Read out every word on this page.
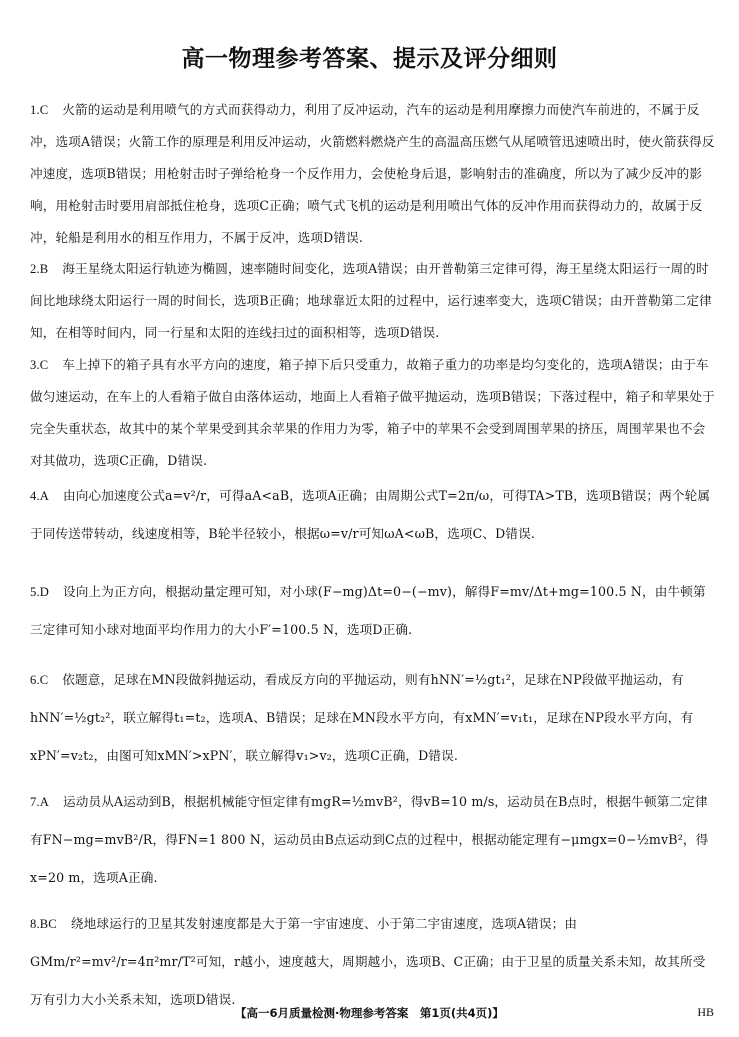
高一物理参考答案、提示及评分细则
1.C 火箭的运动是利用喷气的方式而获得动力，利用了反冲运动，汽车的运动是利用摩擦力而使汽车前进的，不属于反冲，选项A错误；火箭工作的原理是利用反冲运动，火箭燃料燃烧产生的高温高压燃气从尾喷管迅速喷出时，使火箭获得反冲速度，选项B错误；用枪射击时子弹给枪身一个反作用力，会使枪身后退，影响射击的准确度，所以为了减少反冲的影响，用枪射击时要用肩部抵住枪身，选项C正确；喷气式飞机的运动是利用喷出气体的反冲作用而获得动力的，故属于反冲，轮船是利用水的相互作用力，不属于反冲，选项D错误.
2.B 海王星绕太阳运行轨迹为椭圆，速率随时间变化，选项A错误；由开普勒第三定律可得，海王星绕太阳运行一周的时间比地球绕太阳运行一周的时间长，选项B正确；地球靠近太阳的过程中，运行速率变大，选项C错误；由开普勒第二定律知，在相等时间内，同一行星和太阳的连线扫过的面积相等，选项D错误.
3.C 车上掉下的箱子具有水平方向的速度，箱子掉下后只受重力，故箱子重力的功率是均匀变化的，选项A错误；由于车做匀速运动，在车上的人看箱子做自由落体运动，地面上人看箱子做平抛运动，选项B错误；下落过程中，箱子和苹果处于完全失重状态，故其中的某个苹果受到其余苹果的作用力为零，箱子中的苹果不会受到周围苹果的挤压，周围苹果也不会对其做功，选项C正确，D错误.
4.A 由向心加速度公式a=v²/r，可得aA<aB，选项A正确；由周期公式T=2π/ω，可得TA>TB，选项B错误；两个轮属于同传送带转动，线速度相等，B轮半径较小，根据ω=v/r可知ωA<ωB，选项C、D错误.
5.D 设向上为正方向，根据动量定理可知，对小球(F−mg)Δt=0−(−mv)，解得F=mv/Δt+mg=100.5 N，由牛顿第三定律可知小球对地面平均作用力的大小F′=100.5 N，选项D正确.
6.C 依题意，足球在MN段做斜抛运动，看成反方向的平抛运动，则有hNN′=½gt₁²，足球在NP段做平抛运动，有hNN′=½gt₂²，联立解得t₁=t₂，选项A、B错误；足球在MN段水平方向，有xMN′=v₁t₁，足球在NP段水平方向，有xPN′=v₂t₂，由图可知xMN′>xPN′，联立解得v₁>v₂，选项C正确，D错误.
7.A 运动员从A运动到B，根据机械能守恒定律有mgR=½mvB²，得vB=10 m/s，运动员在B点时，根据牛顿第二定律有FN−mg=mvB²/R，得FN=1 800 N，运动员由B点运动到C点的过程中，根据动能定理有−μmgx=0−½mvB²，得x=20 m，选项A正确.
8.BC 绕地球运行的卫星其发射速度都是大于第一宇宙速度、小于第二宇宙速度，选项A错误；由GMm/r²=mv²/r=4π²mr/T²可知，r越小，速度越大，周期越小，选项B、C正确；由于卫星的质量关系未知，故其所受万有引力大小关系未知，选项D错误.
【高一6月质量检测·物理参考答案　第1页(共4页)】	HB
